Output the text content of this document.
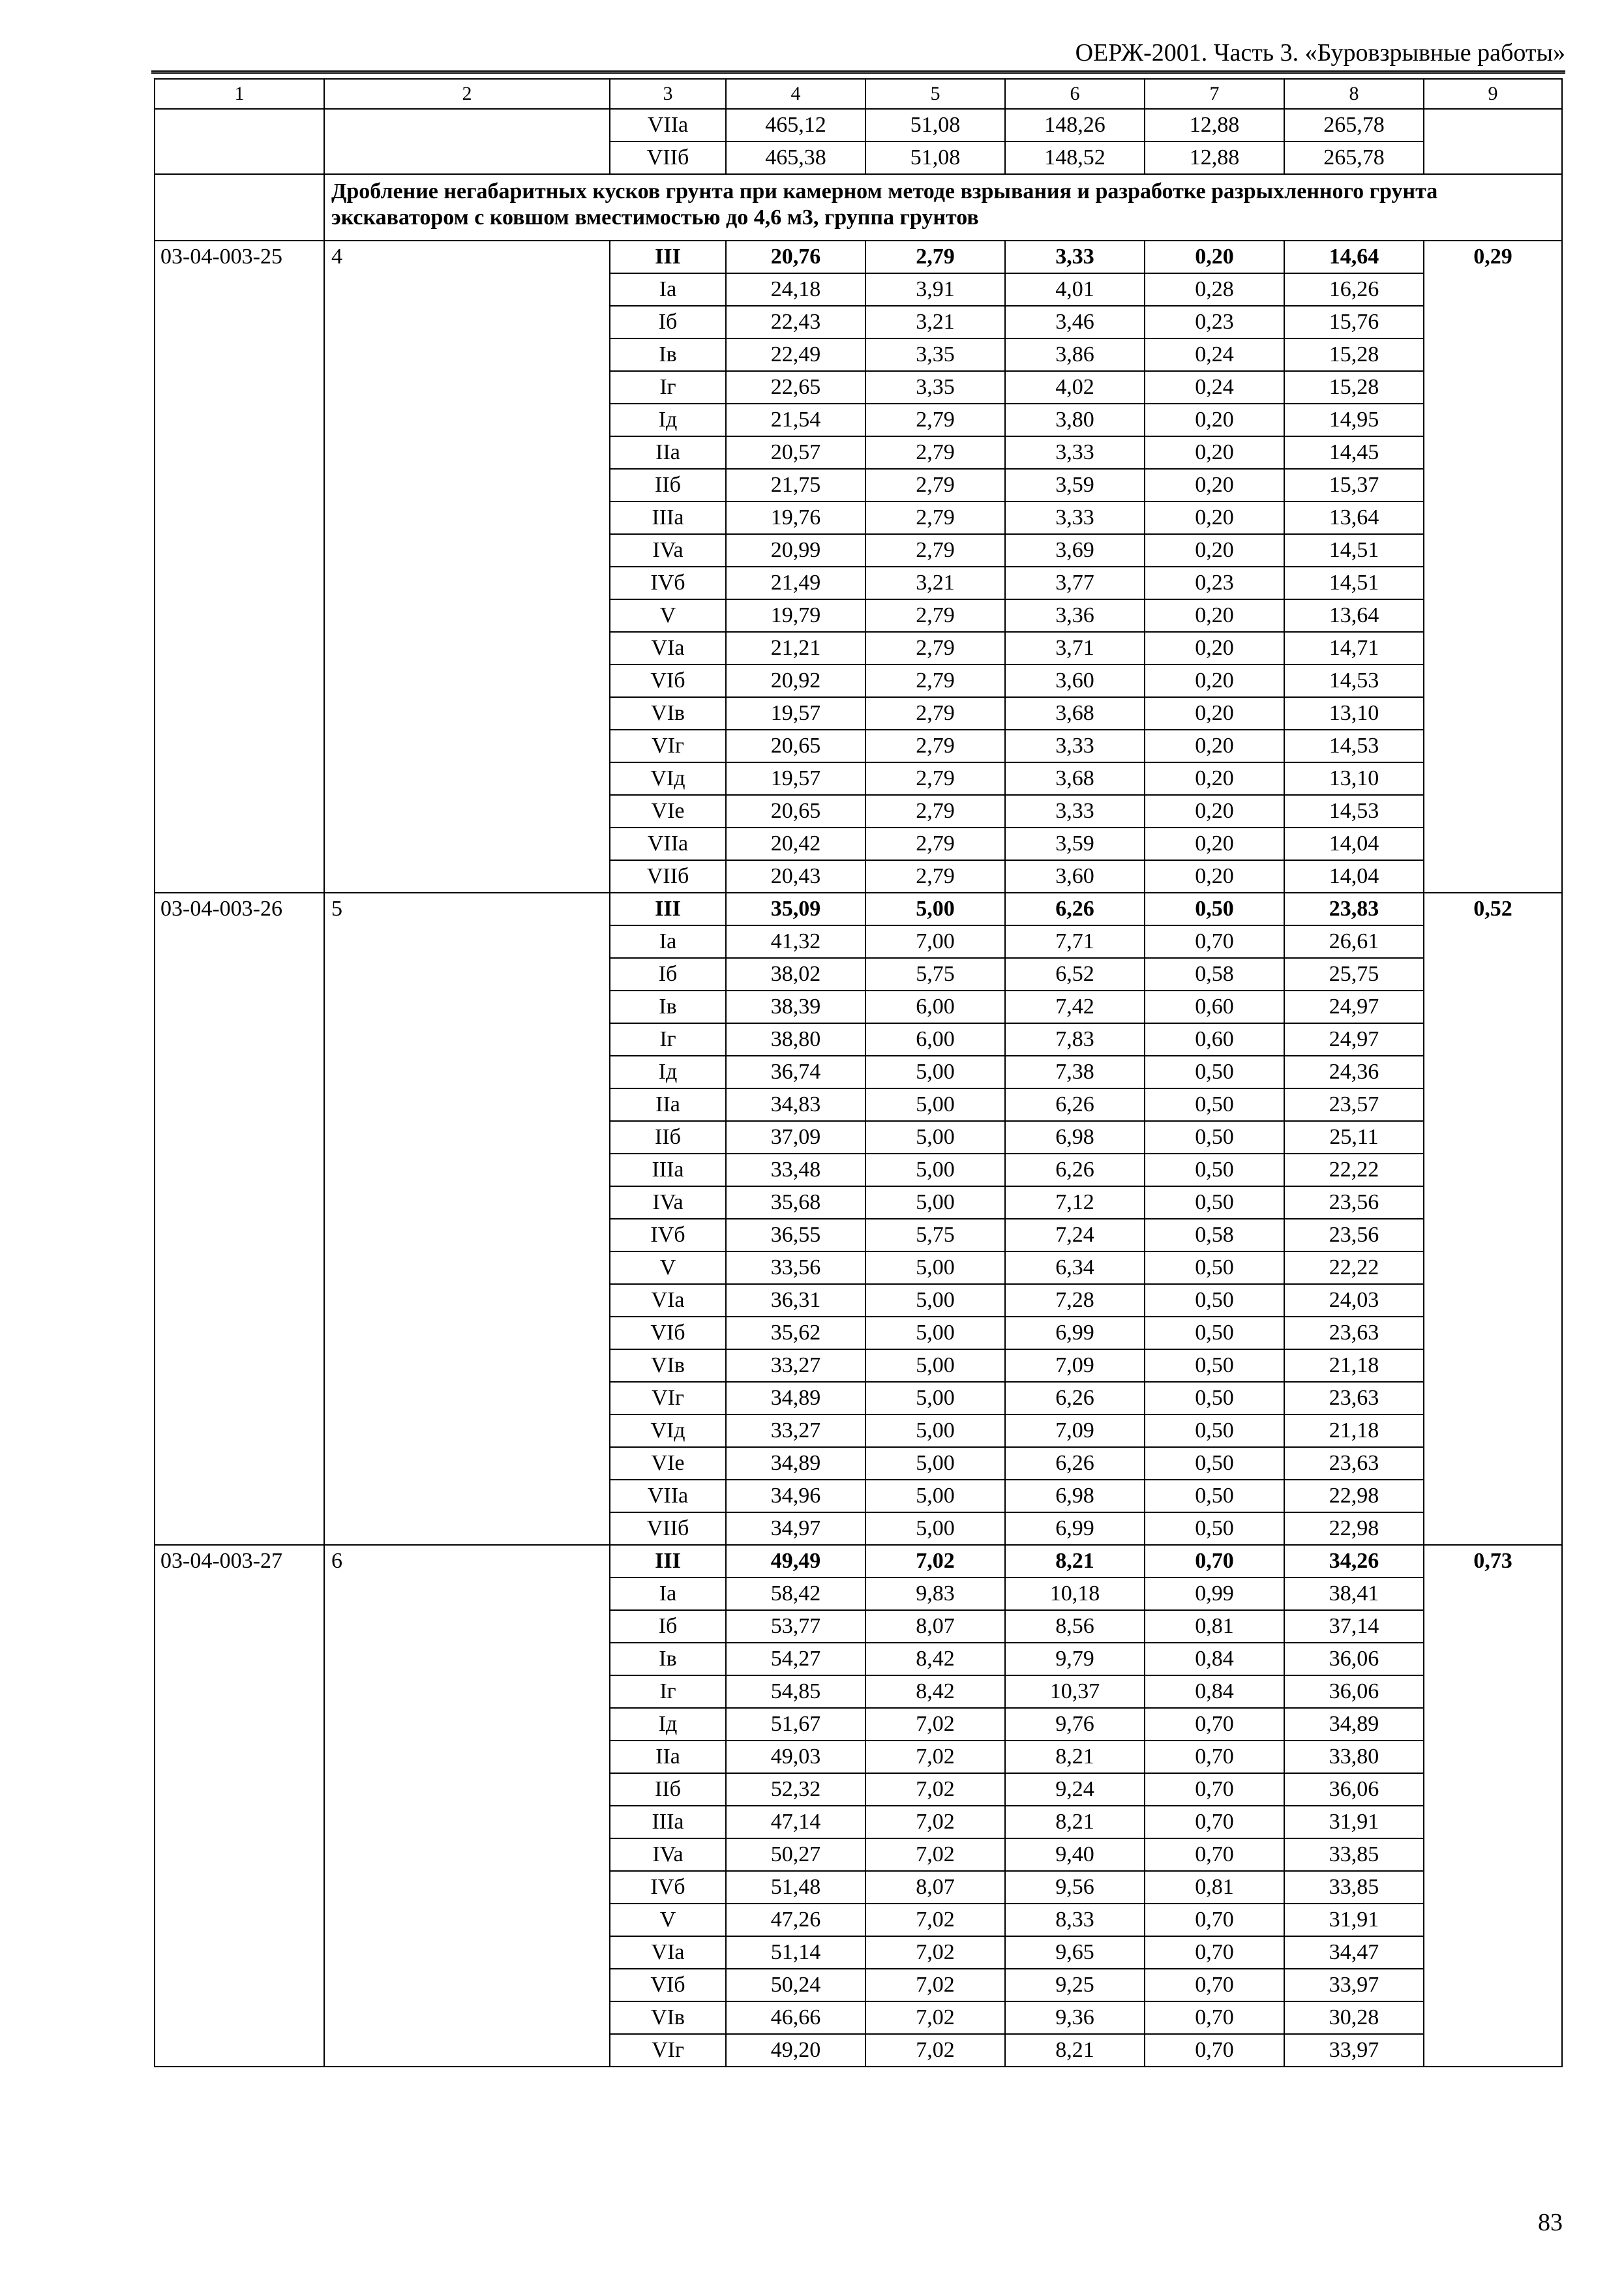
ОЕРЖ-2001. Часть 3. «Буровзрывные работы»
1	2	3	4	5	6	7	8	9
		VIIa	465,12	51,08	148,26	12,88	265,78	
		VIIб	465,38	51,08	148,52	12,88	265,78	
	Дробление негабаритных кусков грунта при камерном методе взрывания и разработке разрыхленного грунта экскаватором с ковшом вместимостью до 4,6 м3, группа грунтов							
03-04-003-25	4	III	20,76	2,79	3,33	0,20	14,64	0,29
		Ia	24,18	3,91	4,01	0,28	16,26	
		Iб	22,43	3,21	3,46	0,23	15,76	
		Iв	22,49	3,35	3,86	0,24	15,28	
		Iг	22,65	3,35	4,02	0,24	15,28	
		Iд	21,54	2,79	3,80	0,20	14,95	
		IIa	20,57	2,79	3,33	0,20	14,45	
		IIб	21,75	2,79	3,59	0,20	15,37	
		IIIa	19,76	2,79	3,33	0,20	13,64	
		IVa	20,99	2,79	3,69	0,20	14,51	
		IVб	21,49	3,21	3,77	0,23	14,51	
		V	19,79	2,79	3,36	0,20	13,64	
		VIa	21,21	2,79	3,71	0,20	14,71	
		VIб	20,92	2,79	3,60	0,20	14,53	
		VIв	19,57	2,79	3,68	0,20	13,10	
		VIг	20,65	2,79	3,33	0,20	14,53	
		VIд	19,57	2,79	3,68	0,20	13,10	
		VIe	20,65	2,79	3,33	0,20	14,53	
		VIIa	20,42	2,79	3,59	0,20	14,04	
		VIIб	20,43	2,79	3,60	0,20	14,04	
03-04-003-26	5	III	35,09	5,00	6,26	0,50	23,83	0,52
		Ia	41,32	7,00	7,71	0,70	26,61	
		Iб	38,02	5,75	6,52	0,58	25,75	
		Iв	38,39	6,00	7,42	0,60	24,97	
		Iг	38,80	6,00	7,83	0,60	24,97	
		Iд	36,74	5,00	7,38	0,50	24,36	
		IIa	34,83	5,00	6,26	0,50	23,57	
		IIб	37,09	5,00	6,98	0,50	25,11	
		IIIa	33,48	5,00	6,26	0,50	22,22	
		IVa	35,68	5,00	7,12	0,50	23,56	
		IVб	36,55	5,75	7,24	0,58	23,56	
		V	33,56	5,00	6,34	0,50	22,22	
		VIa	36,31	5,00	7,28	0,50	24,03	
		VIб	35,62	5,00	6,99	0,50	23,63	
		VIв	33,27	5,00	7,09	0,50	21,18	
		VIг	34,89	5,00	6,26	0,50	23,63	
		VIд	33,27	5,00	7,09	0,50	21,18	
		VIe	34,89	5,00	6,26	0,50	23,63	
		VIIa	34,96	5,00	6,98	0,50	22,98	
		VIIб	34,97	5,00	6,99	0,50	22,98	
03-04-003-27	6	III	49,49	7,02	8,21	0,70	34,26	0,73
		Ia	58,42	9,83	10,18	0,99	38,41	
		Iб	53,77	8,07	8,56	0,81	37,14	
		Iв	54,27	8,42	9,79	0,84	36,06	
		Iг	54,85	8,42	10,37	0,84	36,06	
		Iд	51,67	7,02	9,76	0,70	34,89	
		IIa	49,03	7,02	8,21	0,70	33,80	
		IIб	52,32	7,02	9,24	0,70	36,06	
		IIIa	47,14	7,02	8,21	0,70	31,91	
		IVa	50,27	7,02	9,40	0,70	33,85	
		IVб	51,48	8,07	9,56	0,81	33,85	
		V	47,26	7,02	8,33	0,70	31,91	
		VIa	51,14	7,02	9,65	0,70	34,47	
		VIб	50,24	7,02	9,25	0,70	33,97	
		VIв	46,66	7,02	9,36	0,70	30,28	
		VIг	49,20	7,02	8,21	0,70	33,97	
83
